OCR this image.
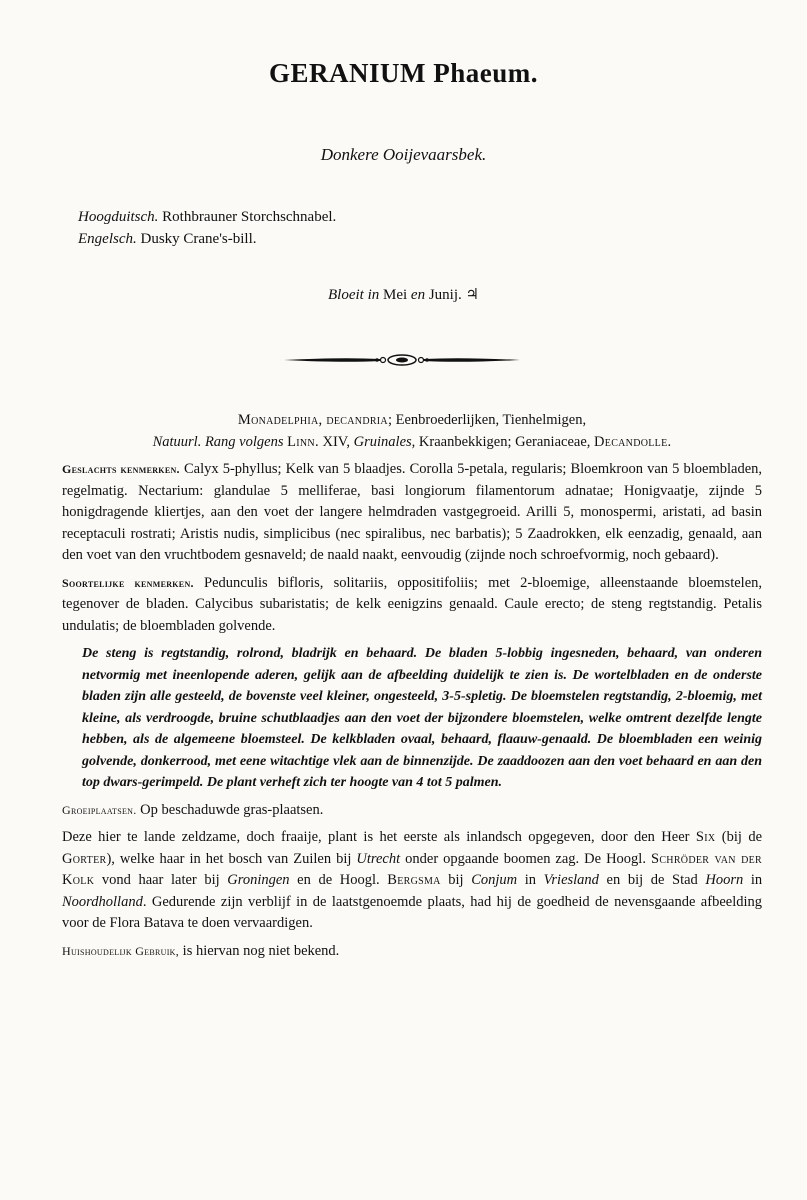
GERANIUM Phaeum.
Donkere Ooijevaarsbek.
Hoogduitsch. Rothbrauner Storchschnabel.
Engelsch. Dusky Crane's-bill.
Bloeit in Mei en Junij. ♃

Monadelphia, decandria; Eenbroederlijken, Tienhelmigen,

Natuurl. Rang volgens Linn. XIV, Gruinales, Kraanbekkigen; Geraniaceae, Decandolle.

Geslachts kenmerken. Calyx 5-phyllus; Kelk van 5 blaadjes. Corolla 5-petala, regularis; Bloemkroon van 5 bloembladen, regelmatig. Nectarium: glandulae 5 melliferae, basi longiorum filamentorum adnatae; Honigvaatje, zijnde 5 honigdragende kliertjes, aan den voet der langere helmdraden vastgegroeid. Arilli 5, monospermi, aristati, ad basin receptaculi rostrati; Aristis nudis, simplicibus (nec spiralibus, nec barbatis); 5 Zaadrokken, elk eenzadig, genaald, aan den voet van den vruchtbodem gesnaveld; de naald naakt, eenvoudig (zijnde noch schroefvormig, noch gebaard).

Soortelijke kenmerken. Pedunculis bifloris, solitariis, oppositifoliis; met 2-bloemige, alleenstaande bloemstelen, tegenover de bladen. Calycibus subaristatis; de kelk eenigzins genaald. Caule erecto; de steng regtstandig. Petalis undulatis; de bloembladen golvende.

De steng is regtstandig, rolrond, bladrijk en behaard. De bladen 5-lobbig ingesneden, behaard, van onderen netvormig met ineenlopende aderen, gelijk aan de afbeelding duidelijk te zien is. De wortelbladen en de onderste bladen zijn alle gesteeld, de bovenste veel kleiner, ongesteeld, 3-5-spletig. De bloemstelen regtstandig, 2-bloemig, met kleine, als verdroogde, bruine schutblaadjes aan den voet der bijzondere bloemstelen, welke omtrent dezelfde lengte hebben, als de algemeene bloemsteel. De kelkbladen ovaal, behaard, flaauw-genaald. De bloembladen een weinig golvende, donkerrood, met eene witachtige vlek aan de binnenzijde. De zaaddoozen aan den voet behaard en aan den top dwars-gerimpeld. De plant verheft zich ter hoogte van 4 tot 5 palmen.

Groeiplaatsen. Op beschaduwde gras-plaatsen.

Deze hier te lande zeldzame, doch fraaije, plant is het eerste als inlandsch opgegeven, door den Heer Six (bij de Gorter), welke haar in het bosch van Zuilen bij Utrecht onder opgaande boomen zag. De Hoogl. Schröder van der Kolk vond haar later bij Groningen en de Hoogl. Bergsma bij Conjum in Vriesland en bij de Stad Hoorn in Noordholland. Gedurende zijn verblijf in de laatstgenoemde plaats, had hij de goedheid de nevensgaande afbeelding voor de Flora Batava te doen vervaardigen.

Huishoudelijk Gebruik, is hiervan nog niet bekend.
